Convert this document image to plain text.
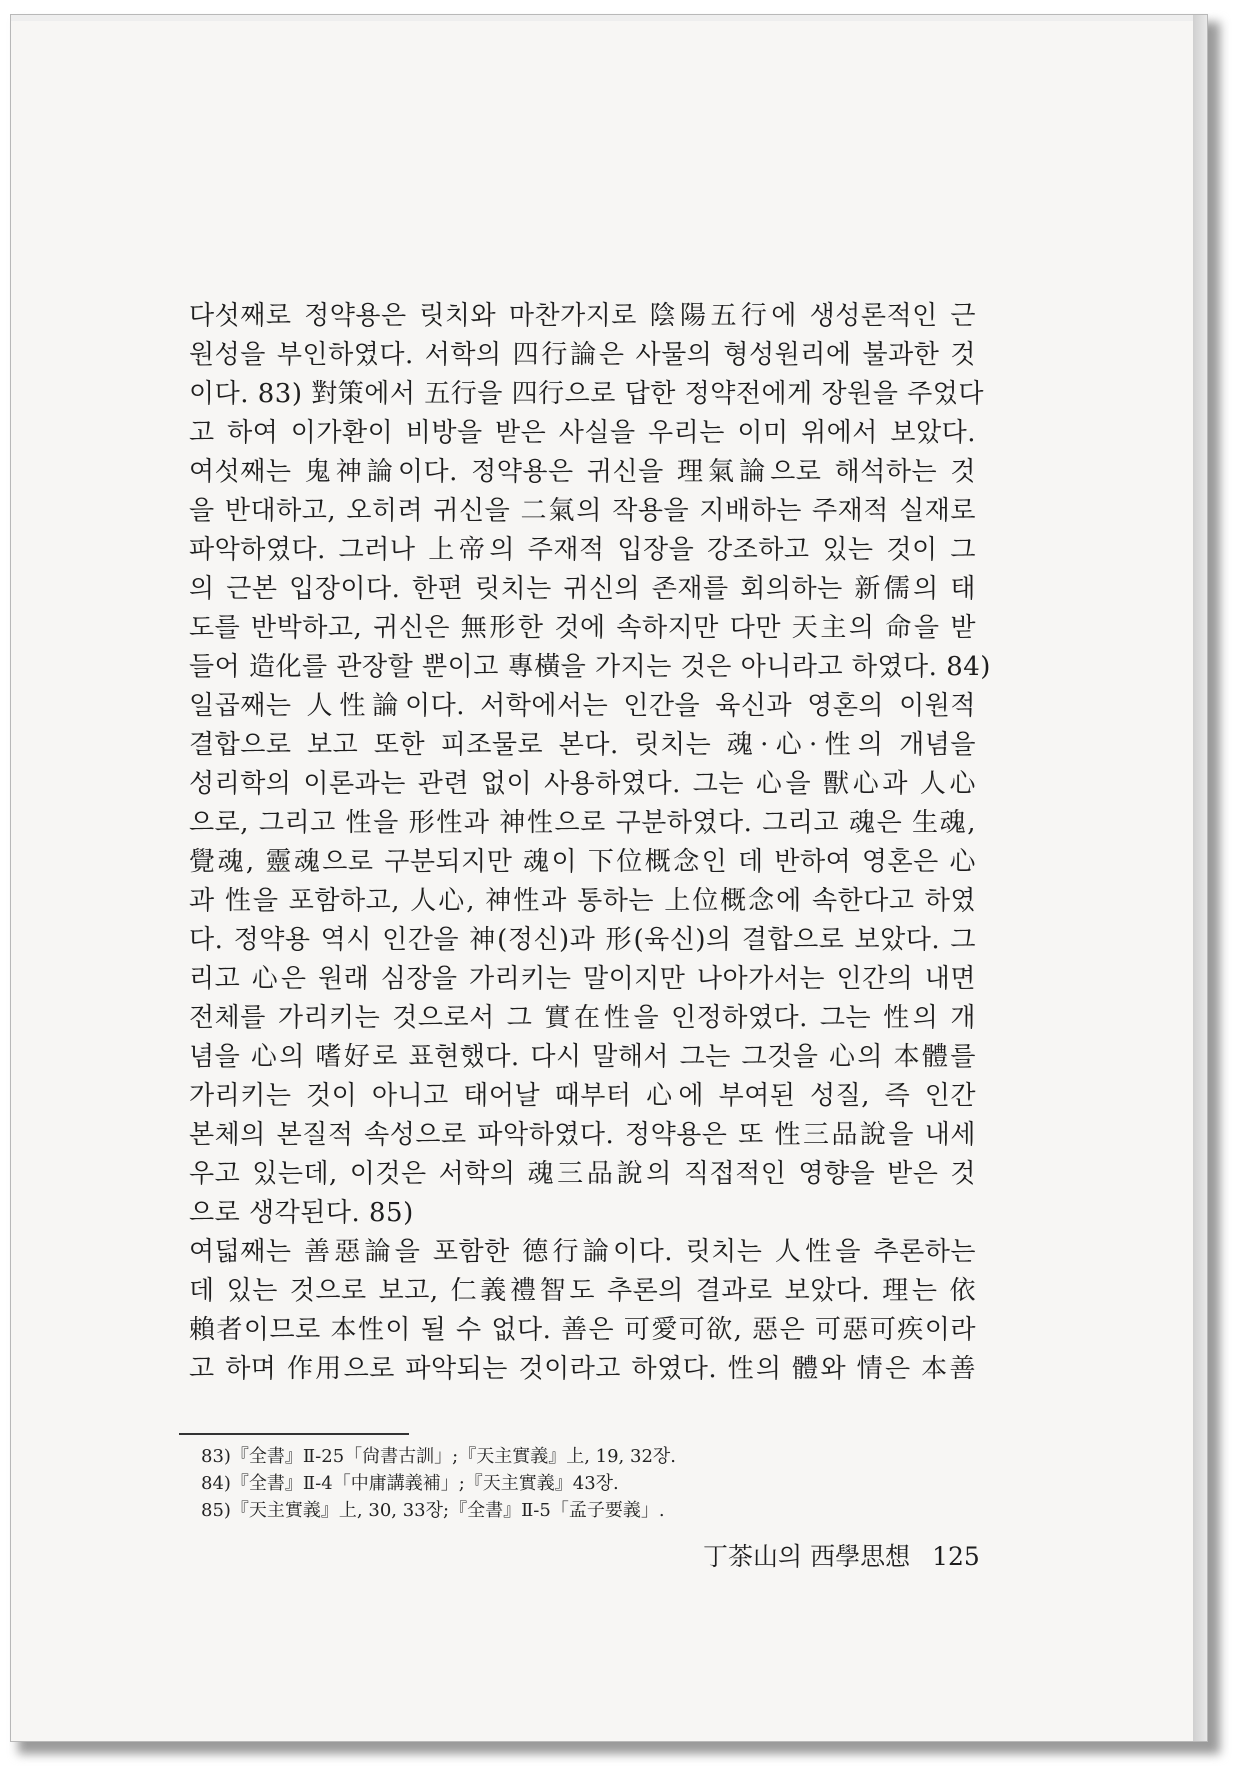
다섯째로 정약용은 릿치와 마찬가지로 陰陽五行에 생성론적인 근
원성을 부인하였다. 서학의 四行論은 사물의 형성원리에 불과한 것
이다. 83) 對策에서 五行을 四行으로 답한 정약전에게 장원을 주었다
고 하여 이가환이 비방을 받은 사실을 우리는 이미 위에서 보았다.
여섯째는 鬼神論이다. 정약용은 귀신을 理氣論으로 해석하는 것
을 반대하고, 오히려 귀신을 二氣의 작용을 지배하는 주재적 실재로
파악하였다. 그러나 上帝의 주재적 입장을 강조하고 있는 것이 그
의 근본 입장이다. 한편 릿치는 귀신의 존재를 회의하는 新儒의 태
도를 반박하고, 귀신은 無形한 것에 속하지만 다만 天主의 命을 받
들어 造化를 관장할 뿐이고 專橫을 가지는 것은 아니라고 하였다. 84)
일곱째는 人性論이다. 서학에서는 인간을 육신과 영혼의 이원적
결합으로 보고 또한 피조물로 본다. 릿치는 魂·心·性의 개념을
성리학의 이론과는 관련 없이 사용하였다. 그는 心을 獸心과 人心
으로, 그리고 性을 形性과 神性으로 구분하였다. 그리고 魂은 生魂,
覺魂, 靈魂으로 구분되지만 魂이 下位概念인 데 반하여 영혼은 心
과 性을 포함하고, 人心, 神性과 통하는 上位概念에 속한다고 하였
다. 정약용 역시 인간을 神(정신)과 形(육신)의 결합으로 보았다. 그
리고 心은 원래 심장을 가리키는 말이지만 나아가서는 인간의 내면
전체를 가리키는 것으로서 그 實在性을 인정하였다. 그는 性의 개
념을 心의 嗜好로 표현했다. 다시 말해서 그는 그것을 心의 本體를
가리키는 것이 아니고 태어날 때부터 心에 부여된 성질, 즉 인간
본체의 본질적 속성으로 파악하였다. 정약용은 또 性三品說을 내세
우고 있는데, 이것은 서학의 魂三品說의 직접적인 영향을 받은 것
으로 생각된다. 85)
여덟째는 善惡論을 포함한 德行論이다. 릿치는 人性을 추론하는
데 있는 것으로 보고, 仁義禮智도 추론의 결과로 보았다. 理는 依
賴者이므로 本性이 될 수 없다. 善은 可愛可欲, 惡은 可惡可疾이라
고 하며 作用으로 파악되는 것이라고 하였다. 性의 體와 情은 本善
83)『全書』Ⅱ-25「尙書古訓」;『天主實義』上, 19, 32장.
84)『全書』Ⅱ-4「中庸講義補」;『天主實義』43장.
85)『天主實義』上, 30, 33장;『全書』Ⅱ-5「孟子要義」.
丁茶山의 西學思想 125
